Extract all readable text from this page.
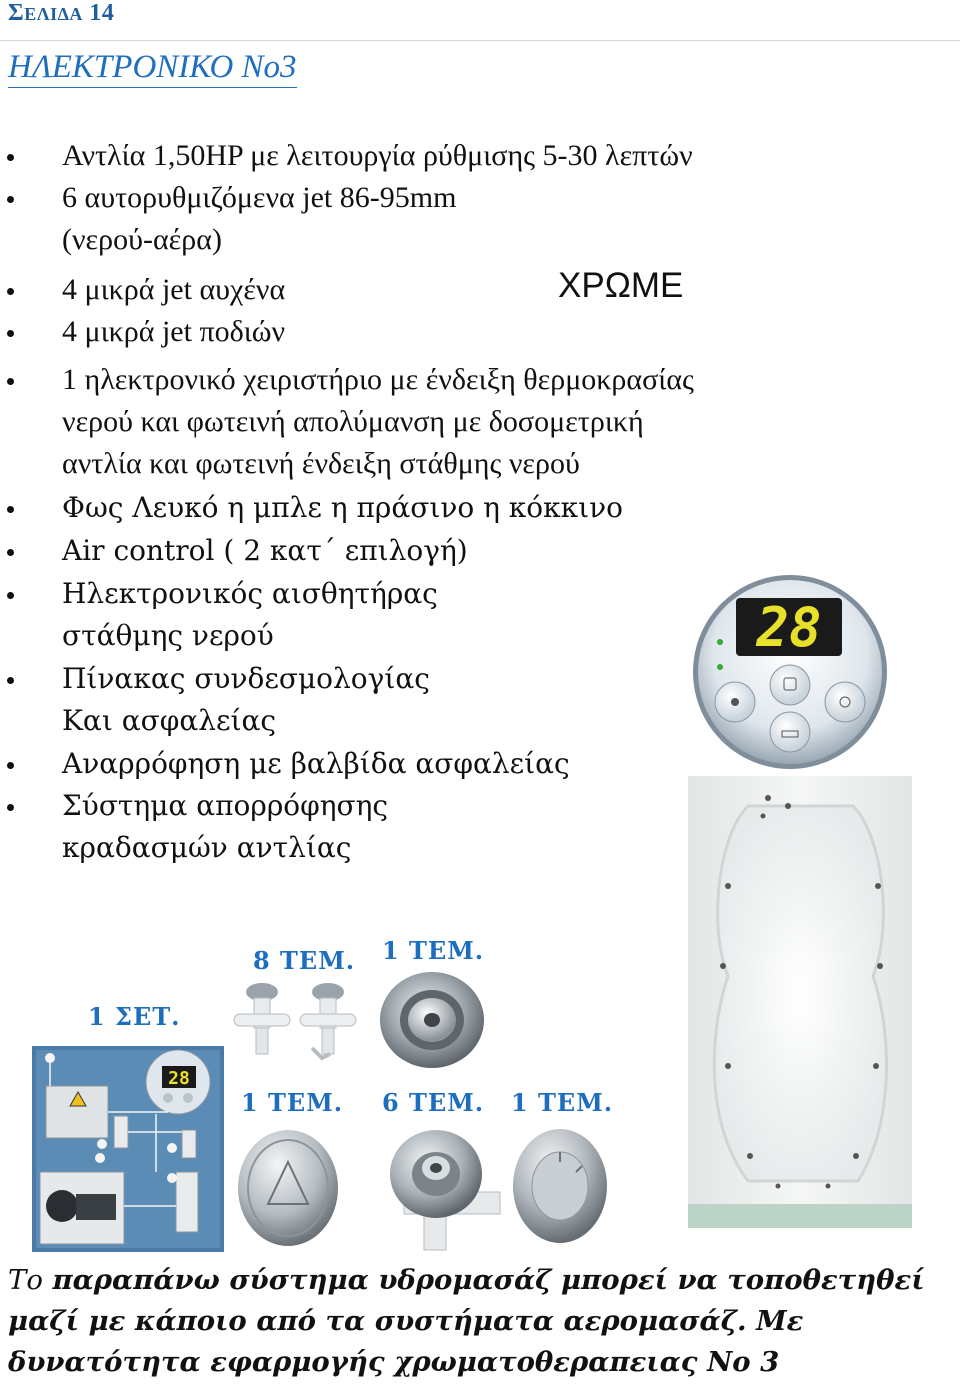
ΣΕΛΙΔΑ 14
ΗΛΕΚΤΡΟΝΙΚΟ Νο3
Αντλία 1,50HP με λειτουργία ρύθμισης 5-30 λεπτών
6 αυτορυθμιζόμενα jet 86-95mm
(νερού-αέρα)
4 μικρά jet αυχένα
4 μικρά jet ποδιών
1 ηλεκτρονικό χειριστήριο με ένδειξη θερμοκρασίας
νερού και φωτεινή απολύμανση με δοσομετρική
αντλία και φωτεινή ένδειξη στάθμης νερού
Φως Λευκό η μπλε η πράσινο η κόκκινο
Air control ( 2 κατ΄ επιλογή)
Ηλεκτρονικός αισθητήρας
στάθμης νερού
Πίνακας συνδεσμολογίας
Και ασφαλείας
Αναρρόφηση με βαλβίδα ασφαλείας
Σύστημα απορρόφησης
κραδασμών αντλίας
ΧΡΩΜΕ
28
1 ΣΕΤ.
8 ΤΕΜ. 1 ΤΕΜ.
1 ΤΕΜ. 6 ΤΕΜ. 1 ΤΕΜ.
28
Το παραπάνω σύστημα υδρομασάζ μπορεί να τοποθετηθεί
μαζί με κάποιο από τα συστήματα αερομασάζ. Με
δυνατότητα εφαρμογής χρωματοθεραπειας Νο 3
